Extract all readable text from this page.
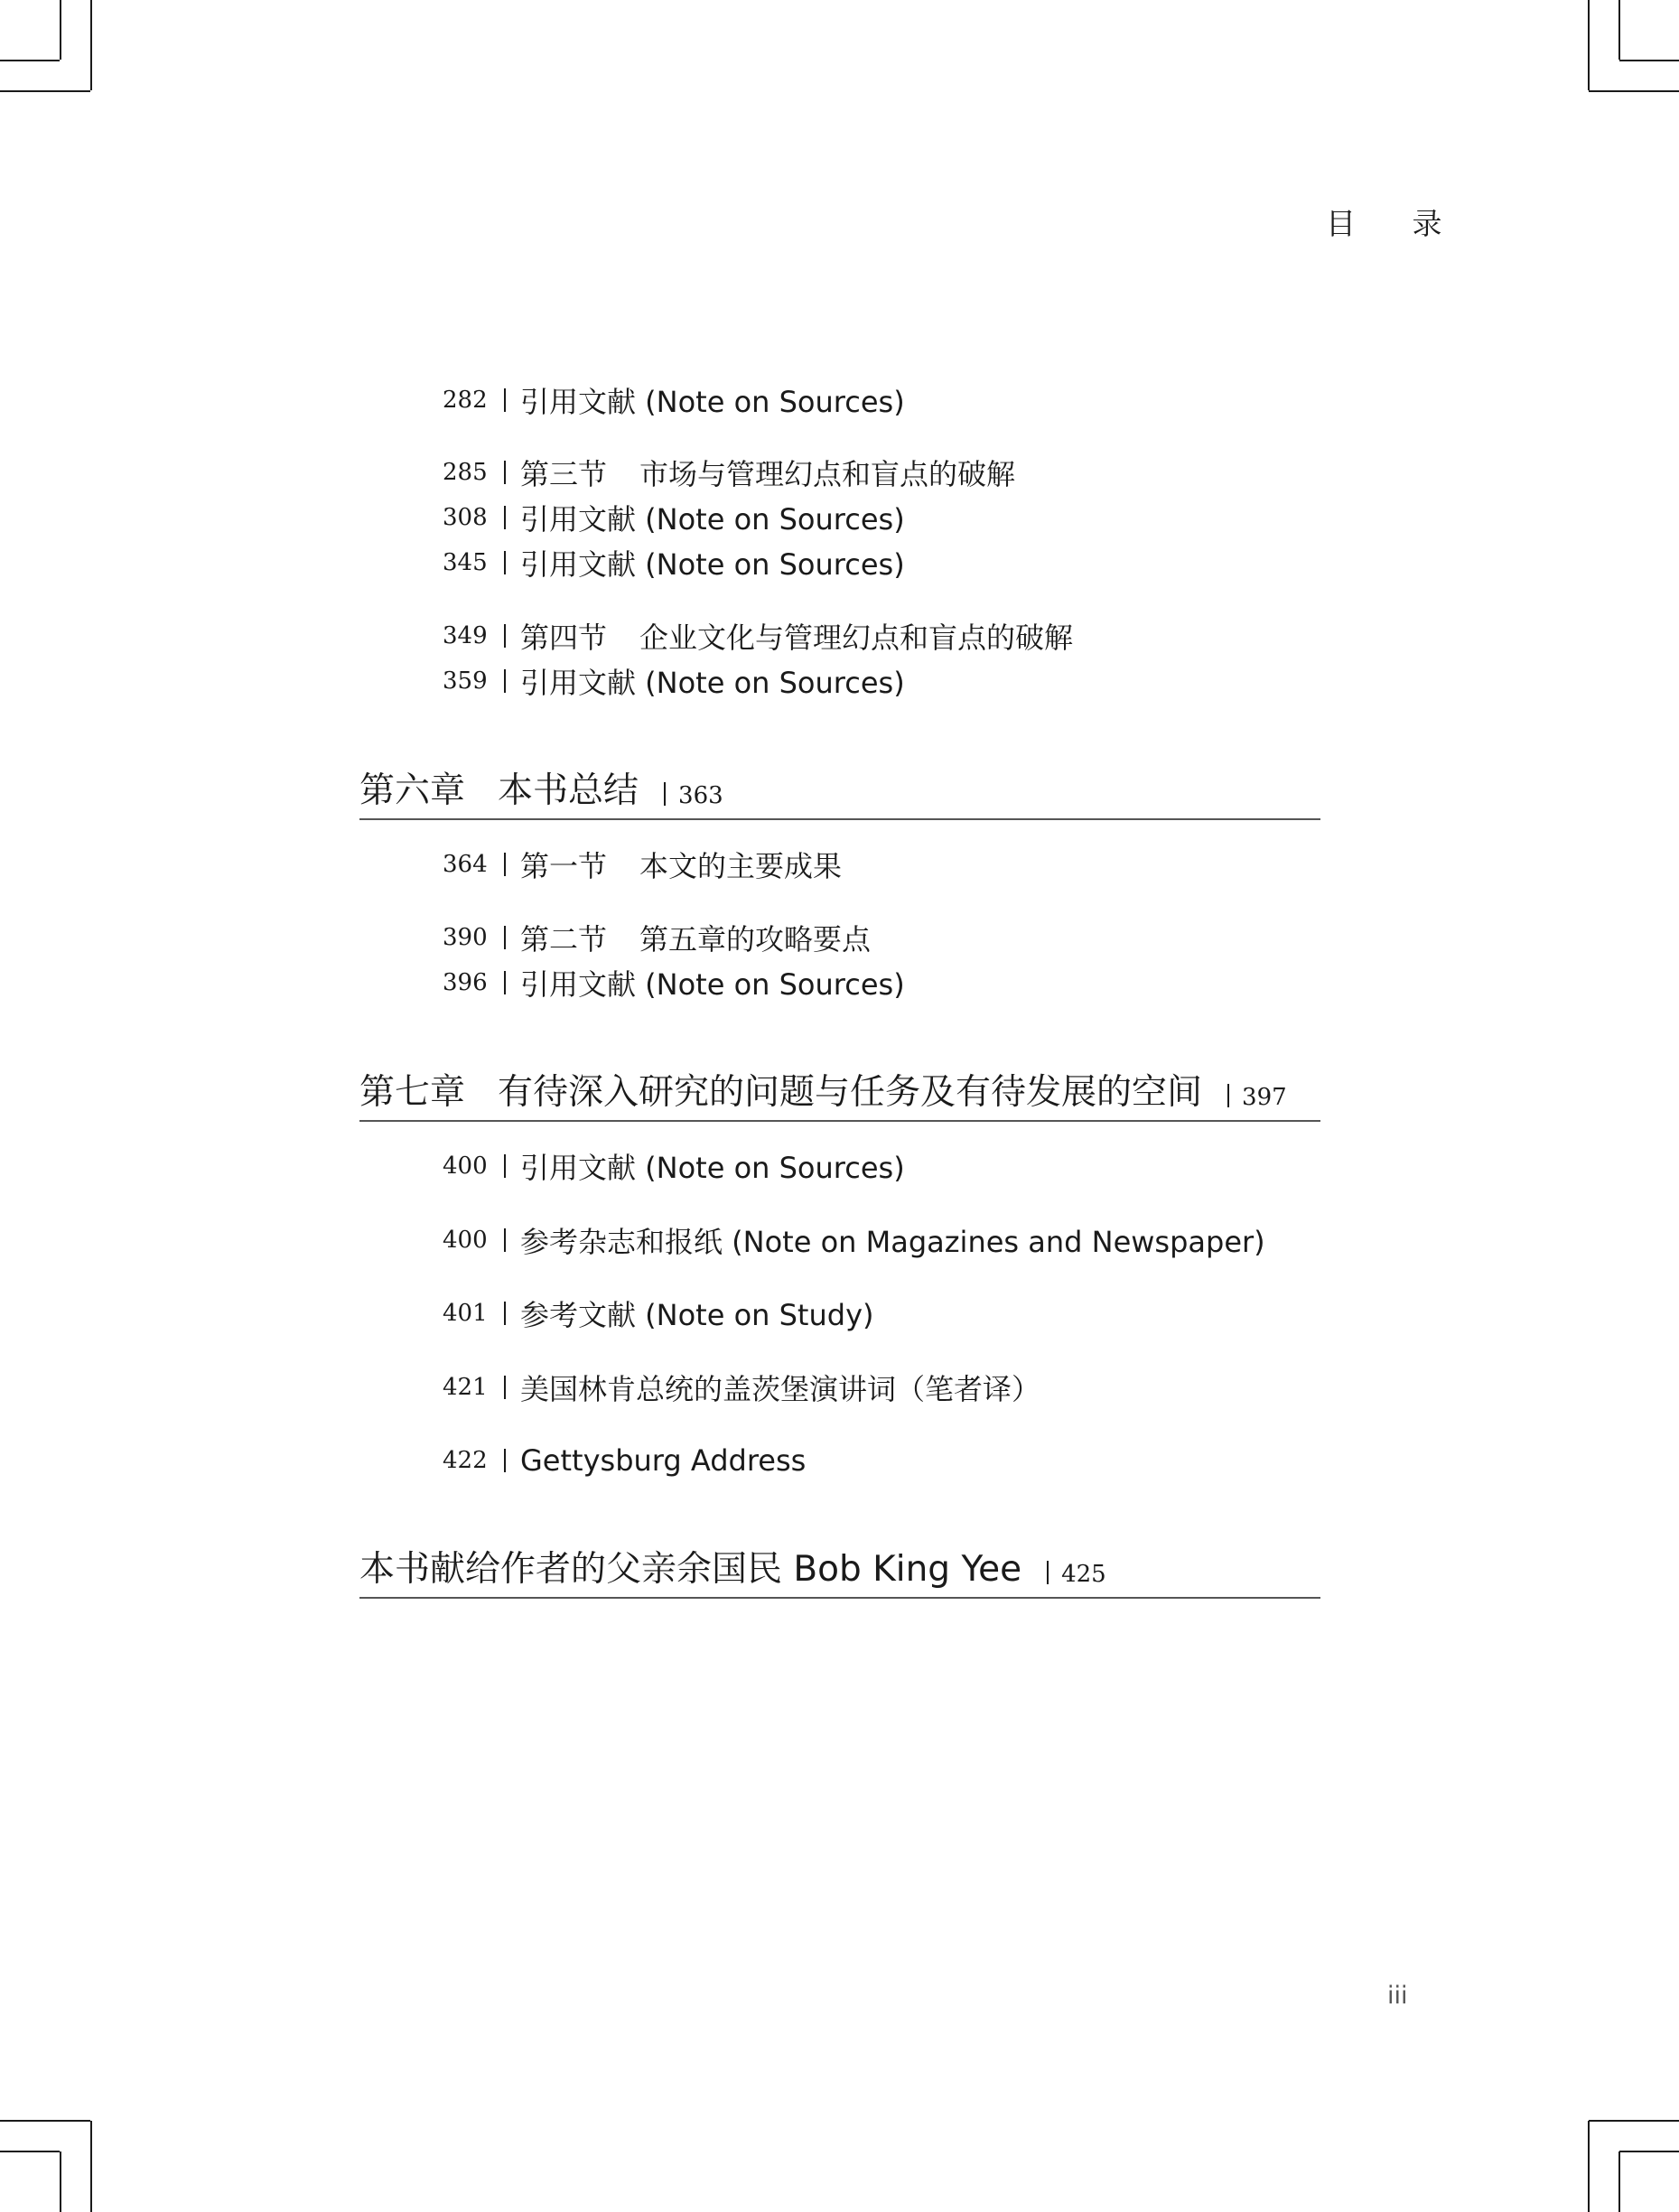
目 录
282 引用文献 (Note on Sources)
285 第三节 市场与管理幻点和盲点的破解
308 引用文献 (Note on Sources)
345 引用文献 (Note on Sources)
349 第四节 企业文化与管理幻点和盲点的破解
359 引用文献 (Note on Sources)
第六章 本书总结 363
364 第一节 本文的主要成果
390 第二节 第五章的攻略要点
396 引用文献 (Note on Sources)
第七章 有待深入研究的问题与任务及有待发展的空间 397
400 引用文献 (Note on Sources)
400 参考杂志和报纸 (Note on Magazines and Newspaper)
401 参考文献 (Note on Study)
421 美国林肯总统的盖茨堡演讲词（笔者译）
422 Gettysburg Address
本书献给作者的父亲余国民 Bob King Yee 425
iii
